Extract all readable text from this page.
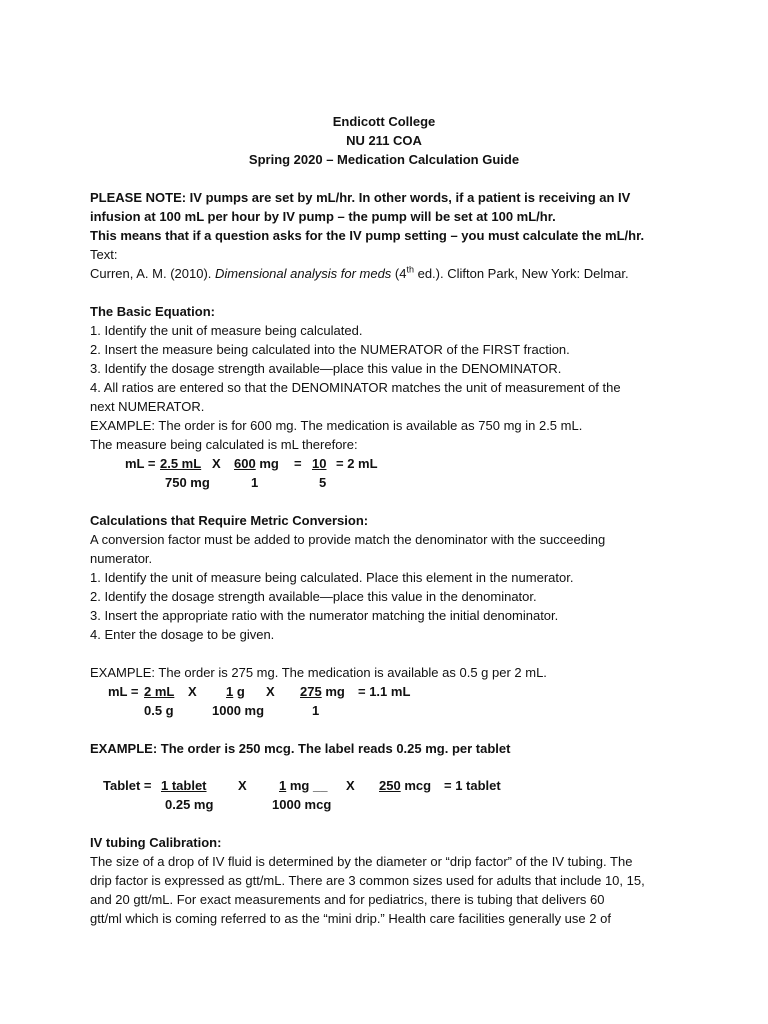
Endicott College
NU 211 COA
Spring 2020 – Medication Calculation Guide
PLEASE NOTE: IV pumps are set by mL/hr. In other words, if a patient is receiving an IV
infusion at 100 mL per hour by IV pump – the pump will be set at 100 mL/hr.
This means that if a question asks for the IV pump setting – you must calculate the mL/hr.
Text:
Curren, A. M. (2010). Dimensional analysis for meds (4th ed.). Clifton Park, New York: Delmar.
The Basic Equation:
1. Identify the unit of measure being calculated.
2. Insert the measure being calculated into the NUMERATOR of the FIRST fraction.
3. Identify the dosage strength available—place this value in the DENOMINATOR.
4. All ratios are entered so that the DENOMINATOR matches the unit of measurement of the
next NUMERATOR.
EXAMPLE: The order is for 600 mg. The medication is available as 750 mg in 2.5 mL.
The measure being calculated is mL therefore:
mL = 2.5 mL X 600 mg = 10 = 2 mL
750 mg	1	5
Calculations that Require Metric Conversion:
A conversion factor must be added to provide match the denominator with the succeeding
numerator.
1. Identify the unit of measure being calculated. Place this element in the numerator.
2. Identify the dosage strength available—place this value in the denominator.
3. Insert the appropriate ratio with the numerator matching the initial denominator.
4. Enter the dosage to be given.
EXAMPLE: The order is 275 mg. The medication is available as 0.5 g per 2 mL.
mL = 2 mL X 1 g X 275 mg = 1.1 mL
0.5 g	1000 mg	1
EXAMPLE: The order is 250 mcg. The label reads 0.25 mg. per tablet
Tablet = 1 tablet X 1 mg __ X 250 mcg = 1 tablet
0.25 mg	1000 mcg
IV tubing Calibration:
The size of a drop of IV fluid is determined by the diameter or “drip factor” of the IV tubing. The
drip factor is expressed as gtt/mL. There are 3 common sizes used for adults that include 10, 15,
and 20 gtt/mL. For exact measurements and for pediatrics, there is tubing that delivers 60
gtt/ml which is coming referred to as the “mini drip.” Health care facilities generally use 2 of
